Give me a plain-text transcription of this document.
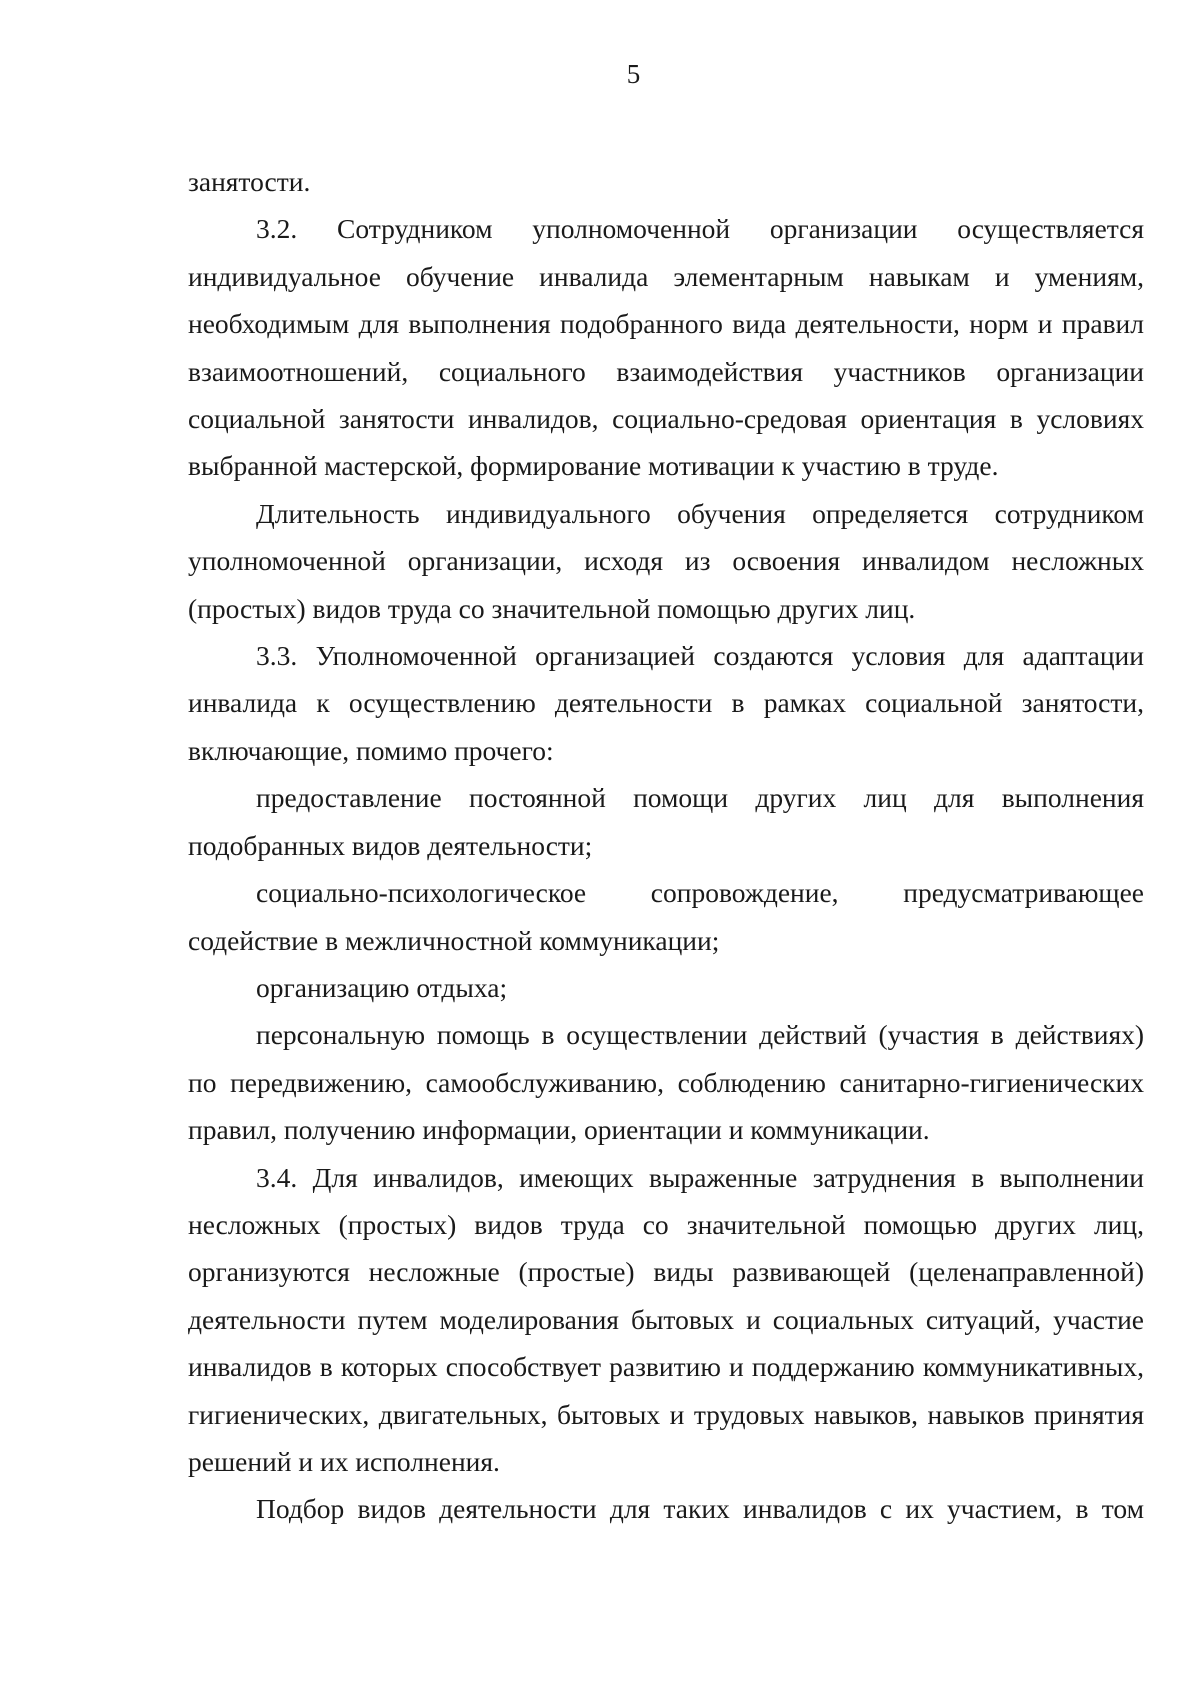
5

занятости.

3.2. Сотрудником уполномоченной организации осуществляется индивидуальное обучение инвалида элементарным навыкам и умениям, необходимым для выполнения подобранного вида деятельности, норм и правил взаимоотношений, социального взаимодействия участников организации социальной занятости инвалидов, социально-средовая ориентация в условиях выбранной мастерской, формирование мотивации к участию в труде.

Длительность индивидуального обучения определяется сотрудником уполномоченной организации, исходя из освоения инвалидом несложных (простых) видов труда со значительной помощью других лиц.

3.3. Уполномоченной организацией создаются условия для адаптации инвалида к осуществлению деятельности в рамках социальной занятости, включающие, помимо прочего:

предоставление постоянной помощи других лиц для выполнения подобранных видов деятельности;

социально-психологическое сопровождение, предусматривающее содействие в межличностной коммуникации;

организацию отдыха;

персональную помощь в осуществлении действий (участия в действиях) по передвижению, самообслуживанию, соблюдению санитарно-гигиенических правил, получению информации, ориентации и коммуникации.

3.4. Для инвалидов, имеющих выраженные затруднения в выполнении несложных (простых) видов труда со значительной помощью других лиц, организуются несложные (простые) виды развивающей (целенаправленной) деятельности путем моделирования бытовых и социальных ситуаций, участие инвалидов в которых способствует развитию и поддержанию коммуникативных, гигиенических, двигательных, бытовых и трудовых навыков, навыков принятия решений и их исполнения.

Подбор видов деятельности для таких инвалидов с их участием, в том
